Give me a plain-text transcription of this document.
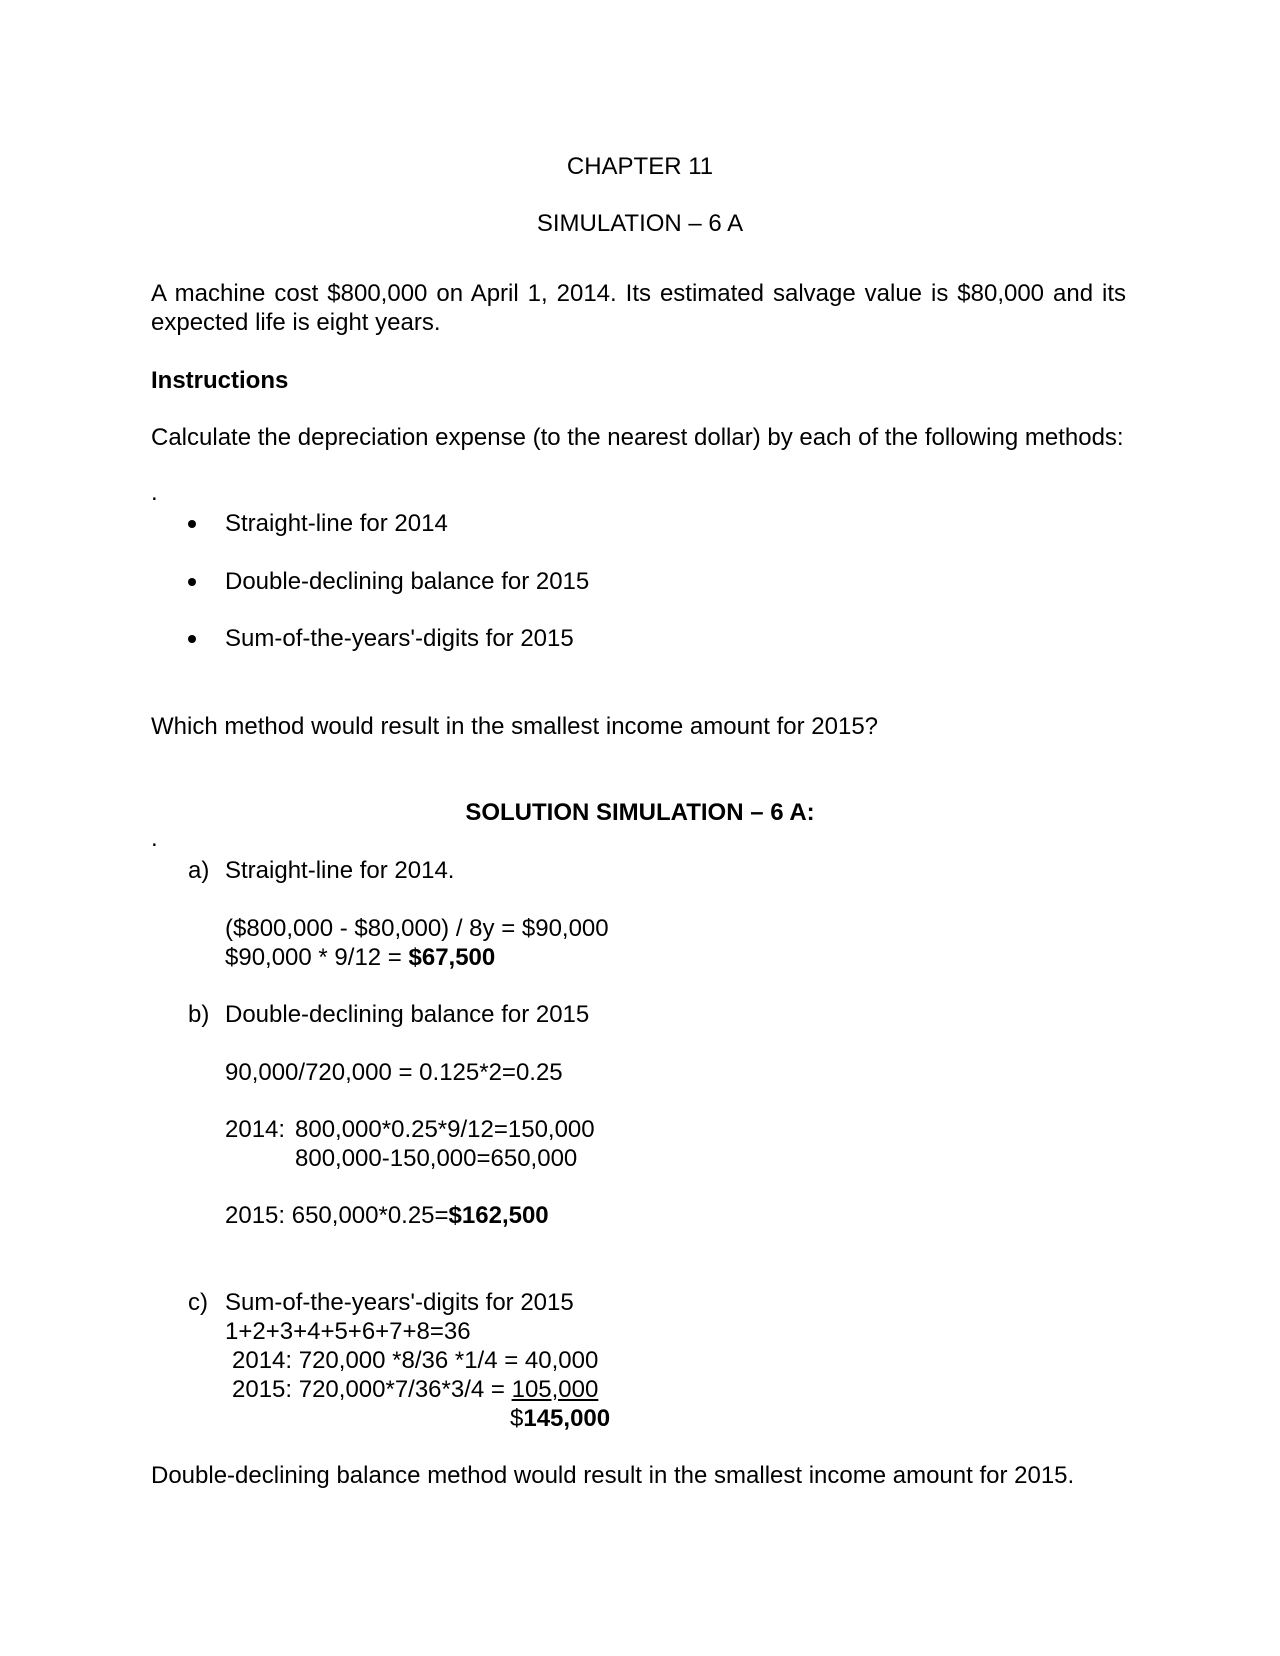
CHAPTER 11
SIMULATION – 6 A
A machine cost $800,000 on April 1, 2014. Its estimated salvage value is $80,000 and its expected life is eight years.
Instructions
Calculate the depreciation expense (to the nearest dollar) by each of the following methods:
.
Straight-line for 2014
Double-declining balance for 2015
Sum-of-the-years'-digits for 2015
Which method would result in the smallest income amount for 2015?
SOLUTION SIMULATION – 6 A:
.
a) Straight-line for 2014.
($800,000 - $80,000) / 8y = $90,000
$90,000 * 9/12 = $67,500
b) Double-declining balance for 2015
90,000/720,000 = 0.125*2=0.25
2014: 800,000*0.25*9/12=150,000
800,000-150,000=650,000
2015: 650,000*0.25=$162,500
c) Sum-of-the-years'-digits for 2015
1+2+3+4+5+6+7+8=36
2014: 720,000 *8/36 *1/4 = 40,000
2015: 720,000*7/36*3/4 = 105,000
$145,000
Double-declining balance method would result in the smallest income amount for 2015.
